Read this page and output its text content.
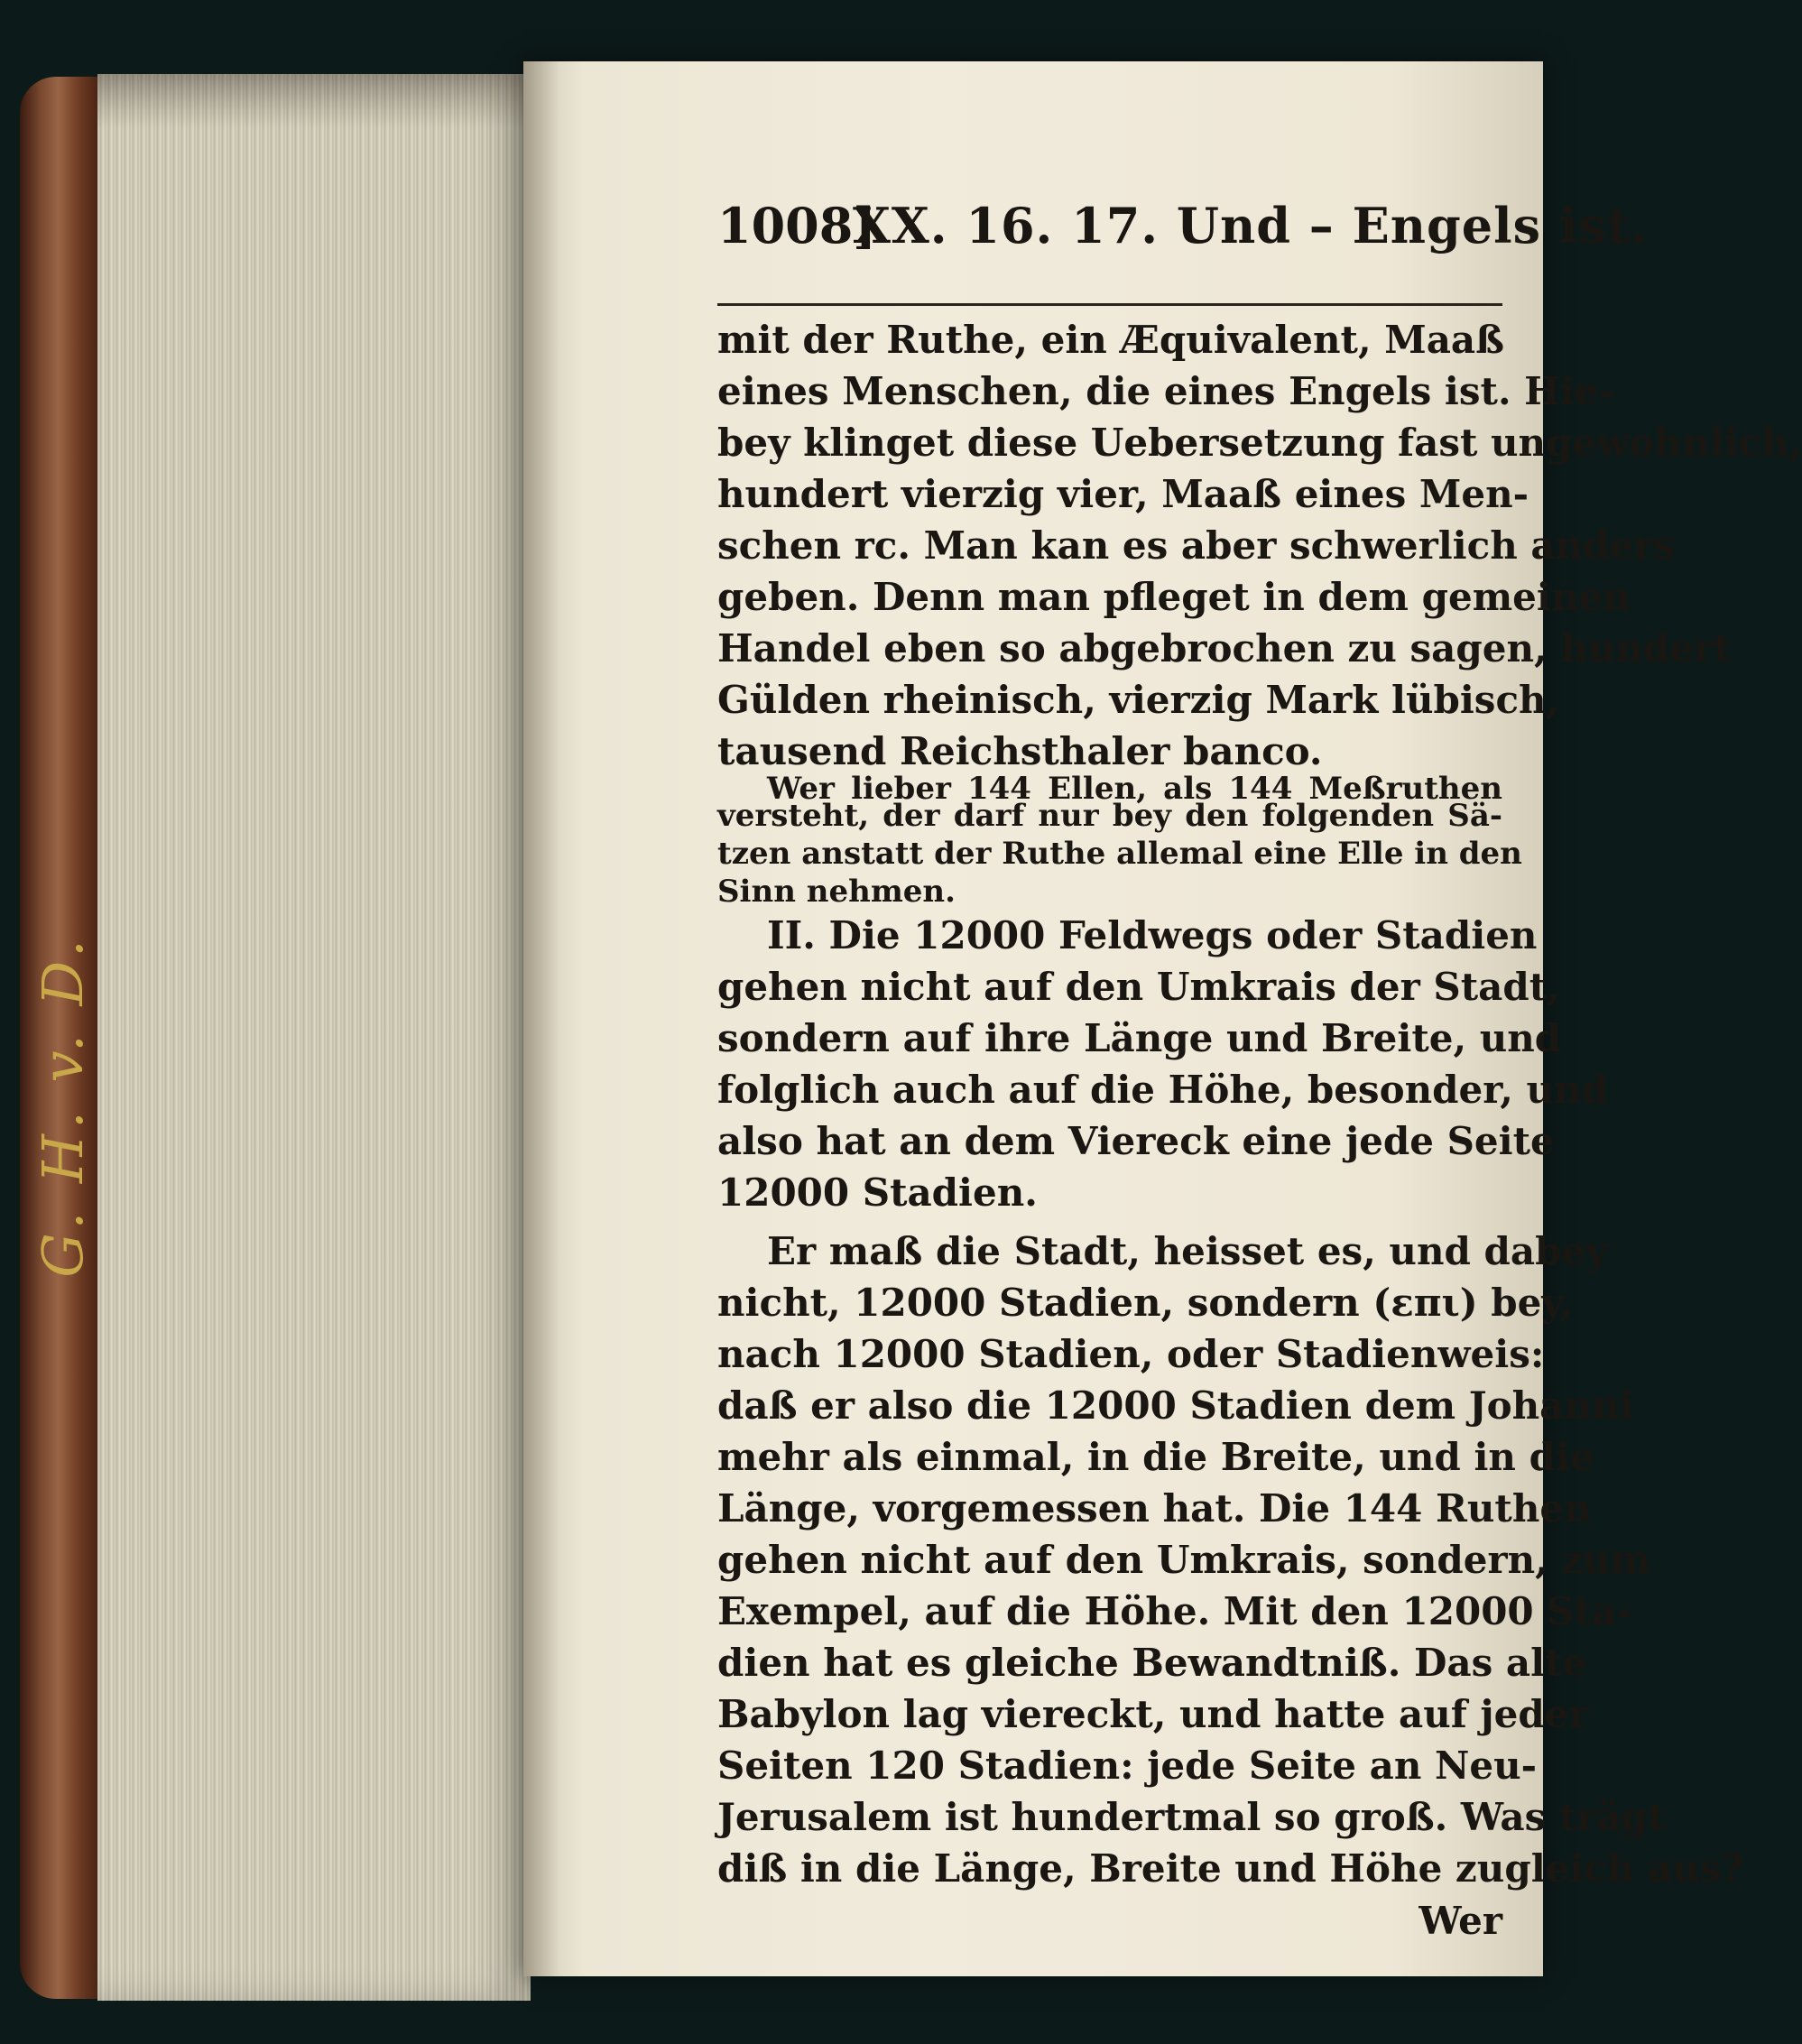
G. H. v. D.
1008]
XX. 16. 17. Und – Engels ist.
mit der Ruthe, ein Æquivalent, Maaß
eines Menschen, die eines Engels ist. Hie-
bey klinget diese Uebersetzung fast ungewohnlich,
hundert vierzig vier, Maaß eines Men-
schen rc. Man kan es aber schwerlich anders
geben. Denn man pfleget in dem gemeinen
Handel eben so abgebrochen zu sagen, hundert
Gülden rheinisch, vierzig Mark lübisch,
tausend Reichsthaler banco.
Wer lieber 144 Ellen, als 144 Meßruthen
versteht, der darf nur bey den folgenden Sä-
tzen anstatt der Ruthe allemal eine Elle in den
Sinn nehmen.
II. Die 12000 Feldwegs oder Stadien
gehen nicht auf den Umkrais der Stadt,
sondern auf ihre Länge und Breite, und
folglich auch auf die Höhe, besonder, und
also hat an dem Viereck eine jede Seite
12000 Stadien.
Er maß die Stadt, heisset es, und dabey
nicht, 12000 Stadien, sondern (επι) bey,
nach 12000 Stadien, oder Stadienweis:
daß er also die 12000 Stadien dem Johanni
mehr als einmal, in die Breite, und in die
Länge, vorgemessen hat. Die 144 Ruthen
gehen nicht auf den Umkrais, sondern, zum
Exempel, auf die Höhe. Mit den 12000 Sta-
dien hat es gleiche Bewandtniß. Das alte
Babylon lag viereckt, und hatte auf jeder
Seiten 120 Stadien: jede Seite an Neu-
Jerusalem ist hundertmal so groß. Was trägt
diß in die Länge, Breite und Höhe zugleich aus?
Wer
